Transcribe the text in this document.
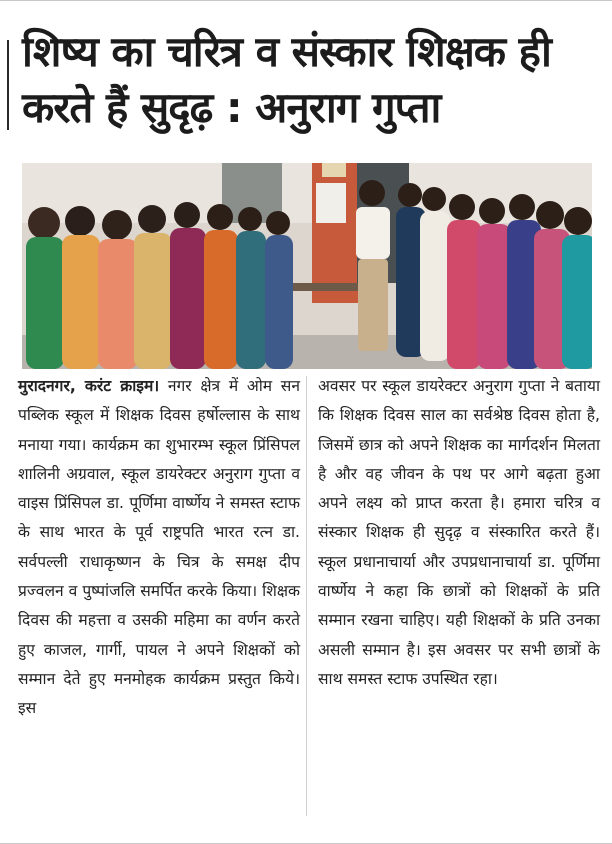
शिष्य का चरित्र व संस्कार शिक्षक ही करते हैं सुदृढ़ : अनुराग गुप्ता
मुरादनगर, करंट क्राइम। नगर क्षेत्र में ओम सन पब्लिक स्कूल में शिक्षक दिवस हर्षोल्लास के साथ मनाया गया। कार्यक्रम का शुभारम्भ स्कूल प्रिंसिपल शालिनी अग्रवाल, स्कूल डायरेक्टर अनुराग गुप्ता व वाइस प्रिंसिपल डा. पूर्णिमा वार्ष्णेय ने समस्त स्टाफ के साथ भारत के पूर्व राष्ट्रपति भारत रत्न डा. सर्वपल्ली राधाकृष्णन के चित्र के समक्ष दीप प्रज्वलन व पुष्पांजलि समर्पित करके किया। शिक्षक दिवस की महत्ता व उसकी महिमा का वर्णन करते हुए काजल, गार्गी, पायल ने अपने शिक्षकों को सम्मान देते हुए मनमोहक कार्यक्रम प्रस्तुत किये। इस
अवसर पर स्कूल डायरेक्टर अनुराग गुप्ता ने बताया कि शिक्षक दिवस साल का सर्वश्रेष्ठ दिवस होता है, जिसमें छात्र को अपने शिक्षक का मार्गदर्शन मिलता है और वह जीवन के पथ पर आगे बढ़ता हुआ अपने लक्ष्य को प्राप्त करता है। हमारा चरित्र व संस्कार शिक्षक ही सुदृढ़ व संस्कारित करते हैं। स्कूल प्रधानाचार्या और उपप्रधानाचार्या डा. पूर्णिमा वार्ष्णेय ने कहा कि छात्रों को शिक्षकों के प्रति सम्मान रखना चाहिए। यही शिक्षकों के प्रति उनका असली सम्मान है। इस अवसर पर सभी छात्रों के साथ समस्त स्टाफ उपस्थित रहा।
